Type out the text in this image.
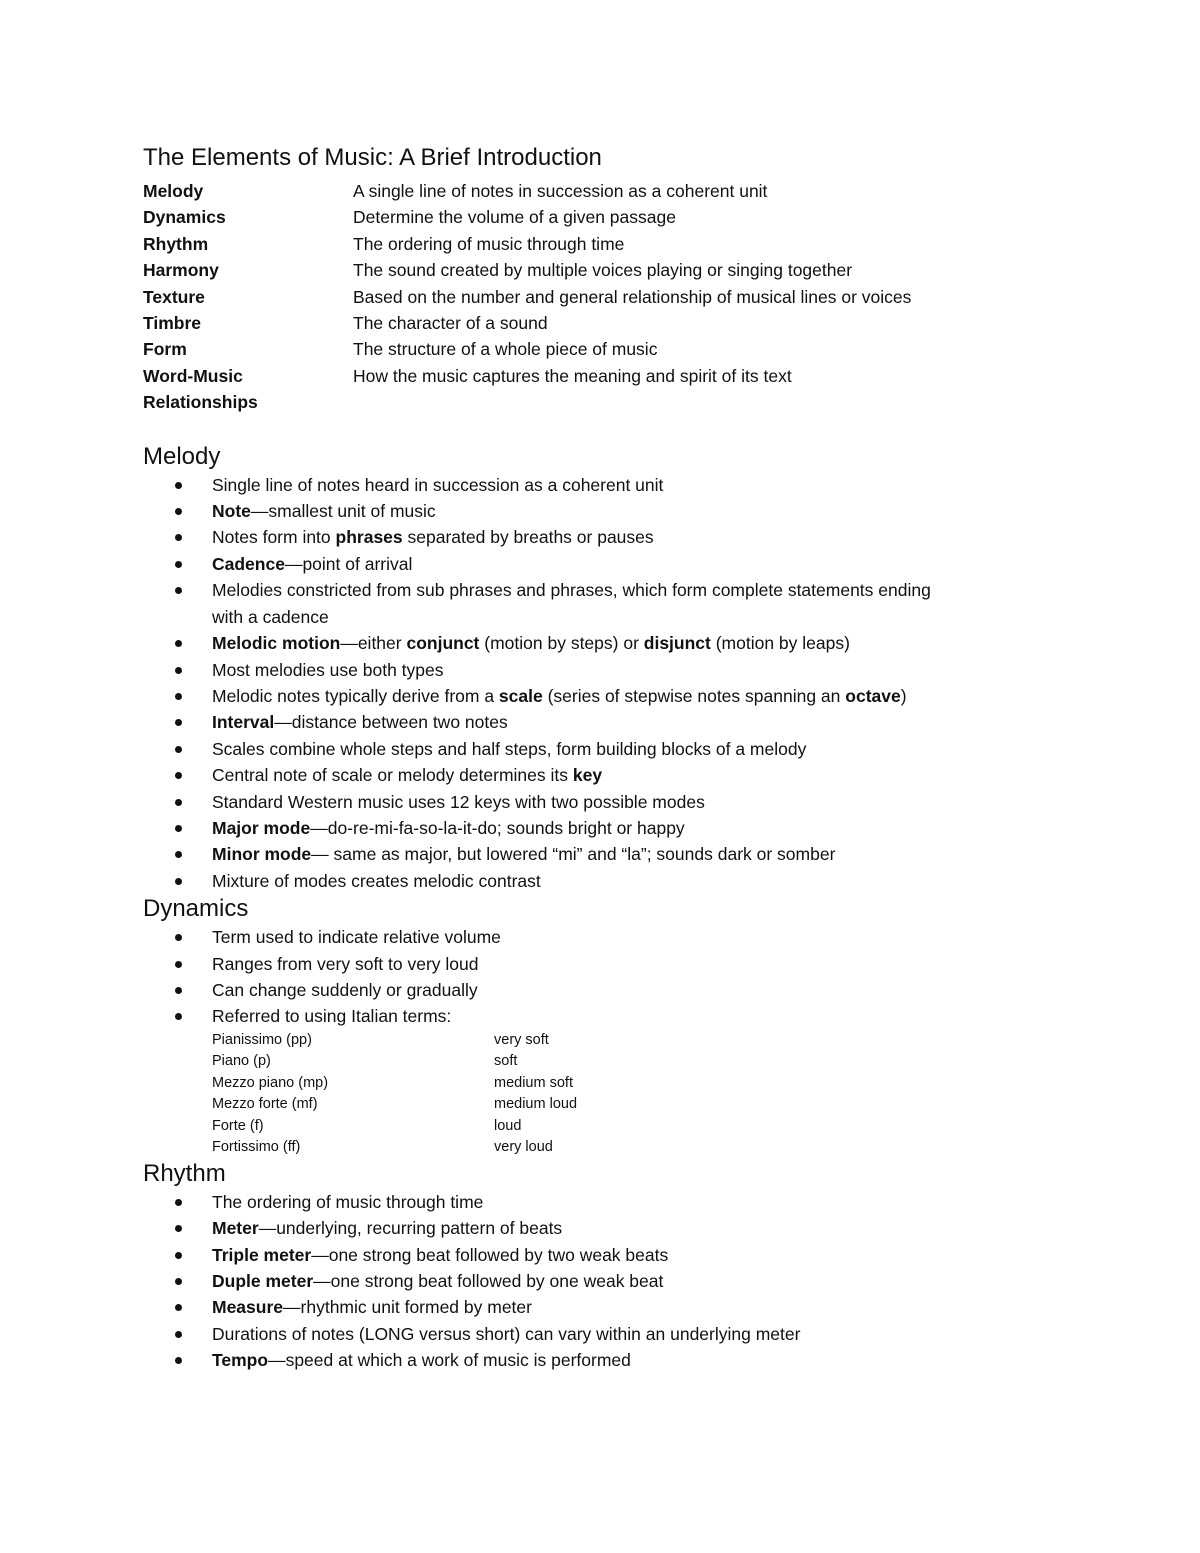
The Elements of Music: A Brief Introduction
Melody	A single line of notes in succession as a coherent unit
Dynamics	Determine the volume of a given passage
Rhythm	The ordering of music through time
Harmony	The sound created by multiple voices playing or singing together
Texture	Based on the number and general relationship of musical lines or voices
Timbre	The character of a sound
Form	The structure of a whole piece of music
Word-Music	How the music captures the meaning and spirit of its text
Relationships
Melody
Single line of notes heard in succession as a coherent unit
Note—smallest unit of music
Notes form into phrases separated by breaths or pauses
Cadence—point of arrival
Melodies constricted from sub phrases and phrases, which form complete statements ending
with a cadence
Melodic motion—either conjunct (motion by steps) or disjunct (motion by leaps)
Most melodies use both types
Melodic notes typically derive from a scale (series of stepwise notes spanning an octave)
Interval—distance between two notes
Scales combine whole steps and half steps, form building blocks of a melody
Central note of scale or melody determines its key
Standard Western music uses 12 keys with two possible modes
Major mode—do-re-mi-fa-so-la-it-do; sounds bright or happy
Minor mode— same as major, but lowered “mi” and “la”; sounds dark or somber
Mixture of modes creates melodic contrast
Dynamics
Term used to indicate relative volume
Ranges from very soft to very loud
Can change suddenly or gradually
Referred to using Italian terms:
Pianissimo (pp)	very soft
Piano (p)	soft
Mezzo piano (mp)	medium soft
Mezzo forte (mf)	medium loud
Forte (f)	loud
Fortissimo (ff)	very loud
Rhythm
The ordering of music through time
Meter—underlying, recurring pattern of beats
Triple meter—one strong beat followed by two weak beats
Duple meter—one strong beat followed by one weak beat
Measure—rhythmic unit formed by meter
Durations of notes (LONG versus short) can vary within an underlying meter
Tempo—speed at which a work of music is performed
